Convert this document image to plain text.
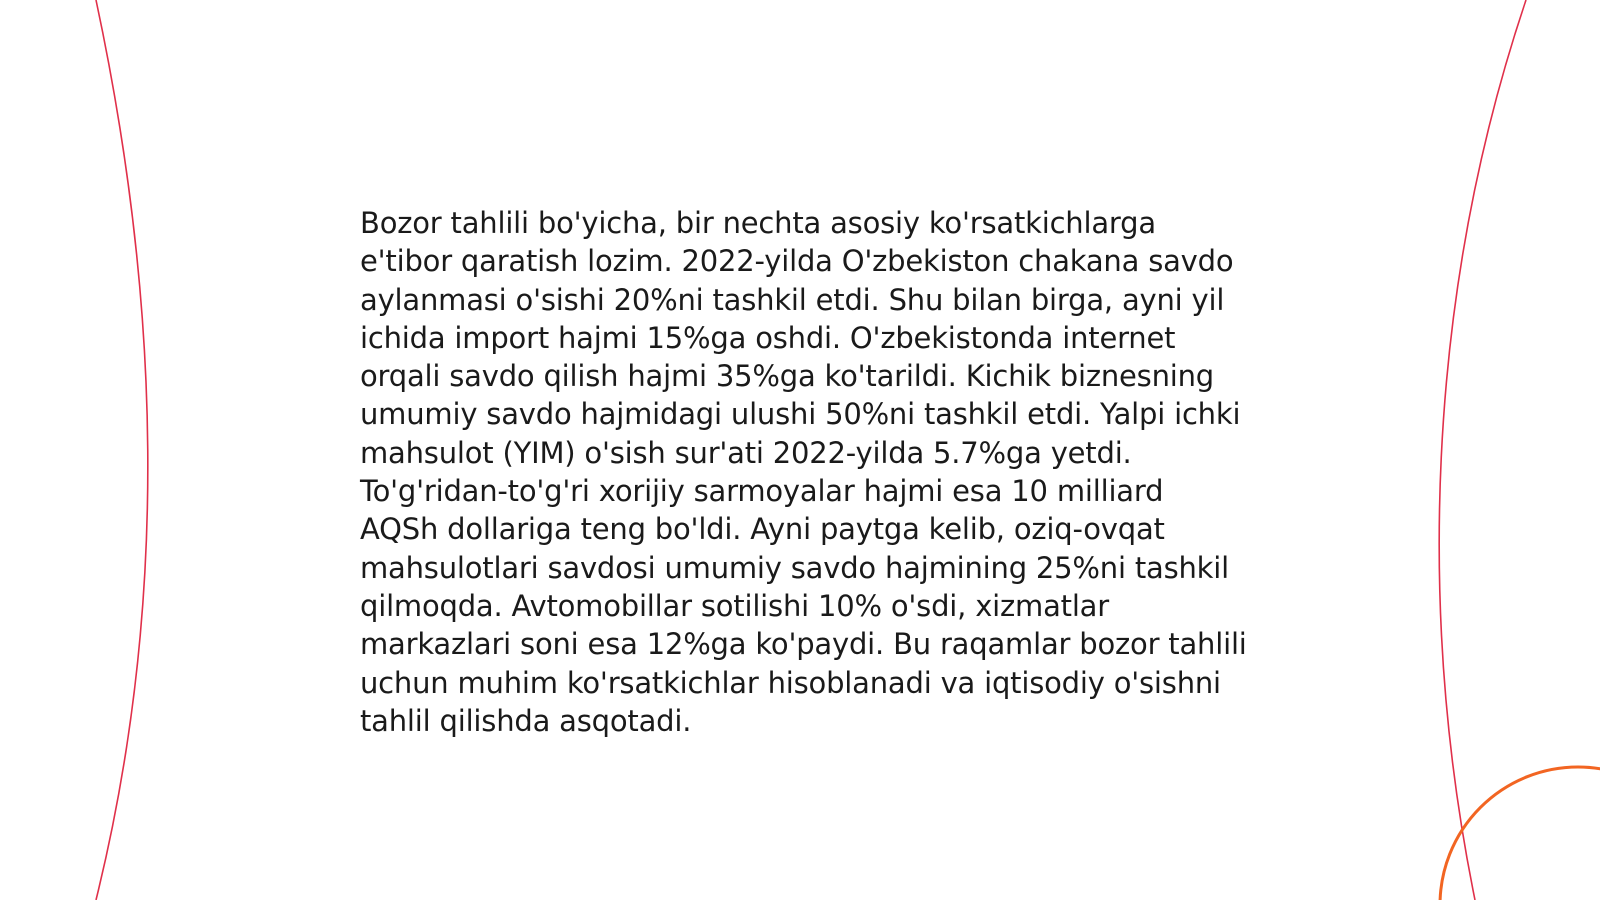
Bozor tahlili bo'yicha, bir nechta asosiy ko'rsatkichlarga e'tibor qaratish lozim. 2022-yilda O'zbekiston chakana savdo aylanmasi o'sishi 20%ni tashkil etdi. Shu bilan birga, ayni yil ichida import hajmi 15%ga oshdi. O'zbekistonda internet orqali savdo qilish hajmi 35%ga ko'tarildi. Kichik biznesning umumiy savdo hajmidagi ulushi 50%ni tashkil etdi. Yalpi ichki mahsulot (YIM) o'sish sur'ati 2022-yilda 5.7%ga yetdi. To'g'ridan-to'g'ri xorijiy sarmoyalar hajmi esa 10 milliard AQSh dollariga teng bo'ldi. Ayni paytga kelib, oziq-ovqat mahsulotlari savdosi umumiy savdo hajmining 25%ni tashkil qilmoqda. Avtomobillar sotilishi 10% o'sdi, xizmatlar markazlari soni esa 12%ga ko'paydi. Bu raqamlar bozor tahlili uchun muhim ko'rsatkichlar hisoblanadi va iqtisodiy o'sishni tahlil qilishda asqotadi.
